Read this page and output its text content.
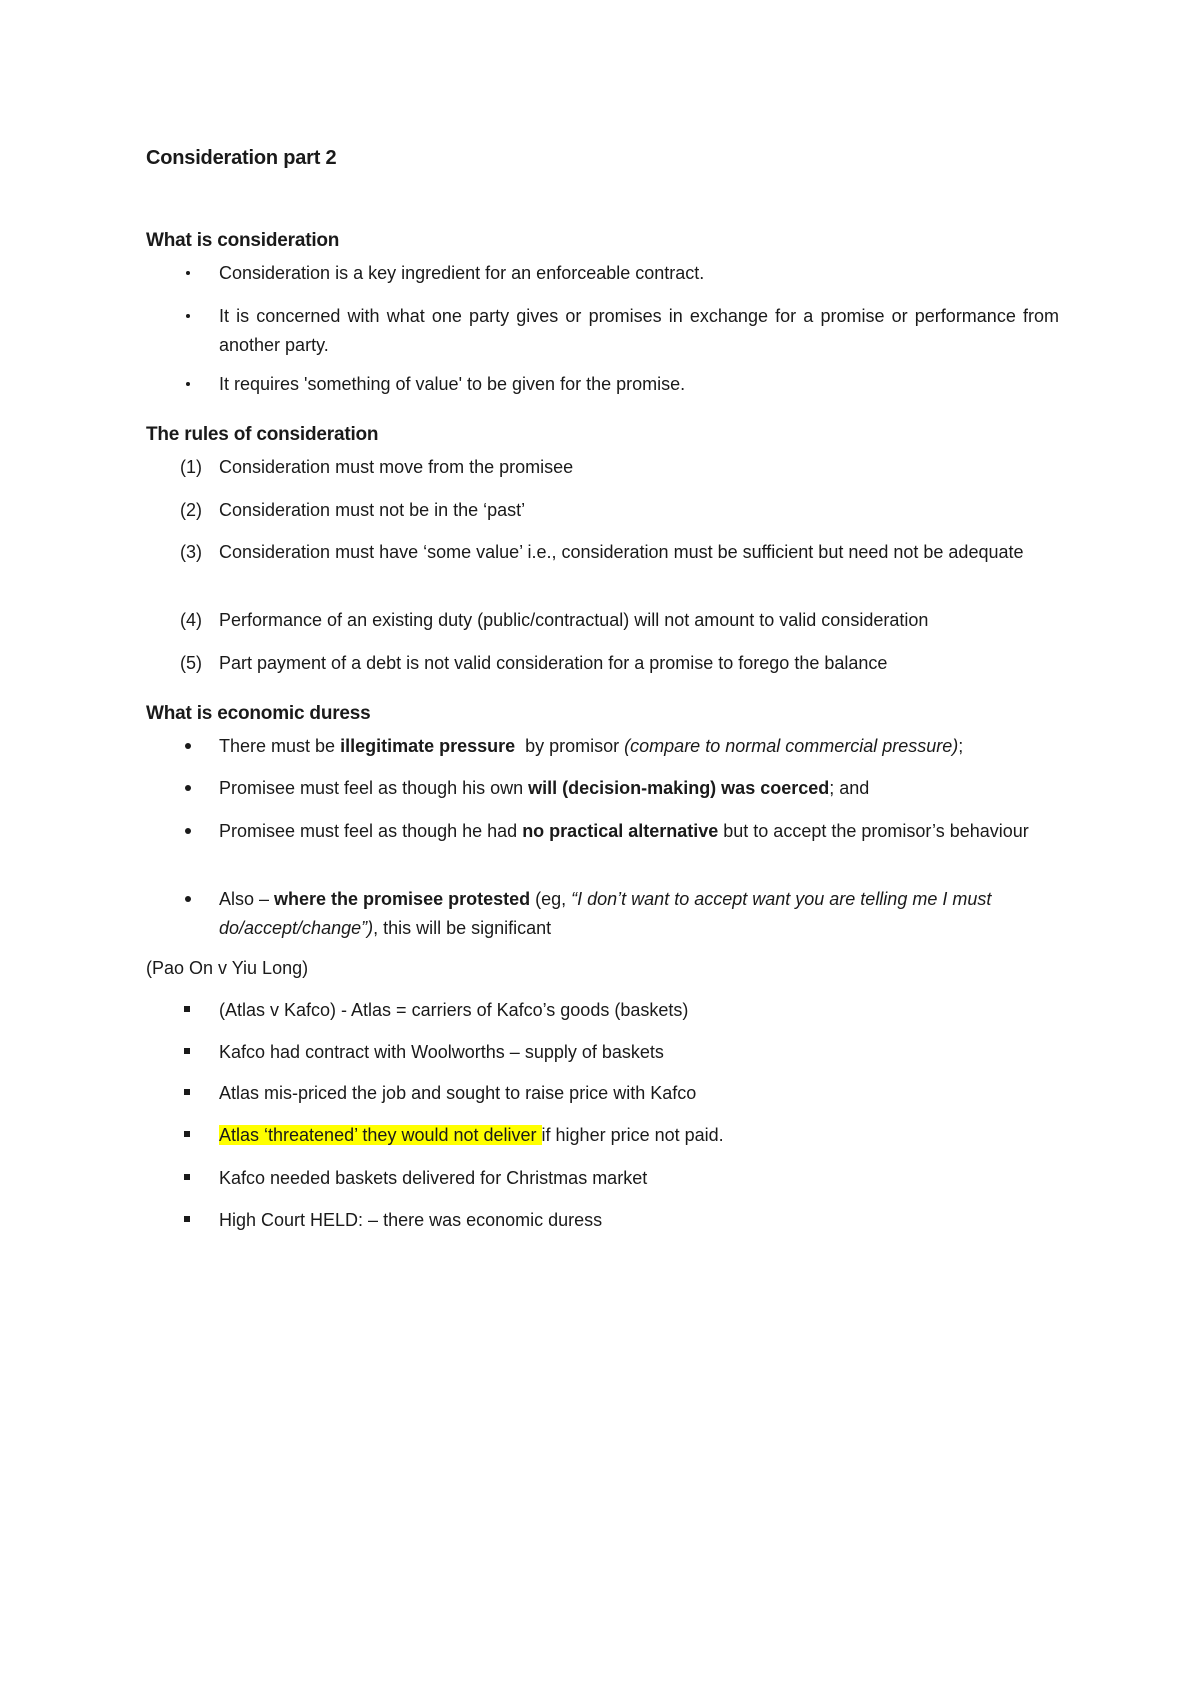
Consideration part 2
What is consideration
Consideration is a key ingredient for an enforceable contract.
It is concerned with what one party gives or promises in exchange for a promise or performance from another party.
It requires 'something of value' to be given for the promise.
The rules of consideration
(1) Consideration must move from the promisee
(2) Consideration must not be in the ‘past’
(3) Consideration must have ‘some value’ i.e., consideration must be sufficient but need not be adequate
(4) Performance of an existing duty (public/contractual) will not amount to valid consideration
(5) Part payment of a debt is not valid consideration for a promise to forego the balance
What is economic duress
There must be illegitimate pressure  by promisor (compare to normal commercial pressure);
Promisee must feel as though his own will (decision-making) was coerced; and
Promisee must feel as though he had no practical alternative but to accept the promisor’s behaviour
Also – where the promisee protested (eg, “I don’t want to accept want you are telling me I must do/accept/change”), this will be significant
(Pao On v Yiu Long)
(Atlas v Kafco) - Atlas = carriers of Kafco’s goods (baskets)
Kafco had contract with Woolworths – supply of baskets
Atlas mis-priced the job and sought to raise price with Kafco
Atlas ‘threatened’ they would not deliver if higher price not paid.
Kafco needed baskets delivered for Christmas market
High Court HELD: – there was economic duress
